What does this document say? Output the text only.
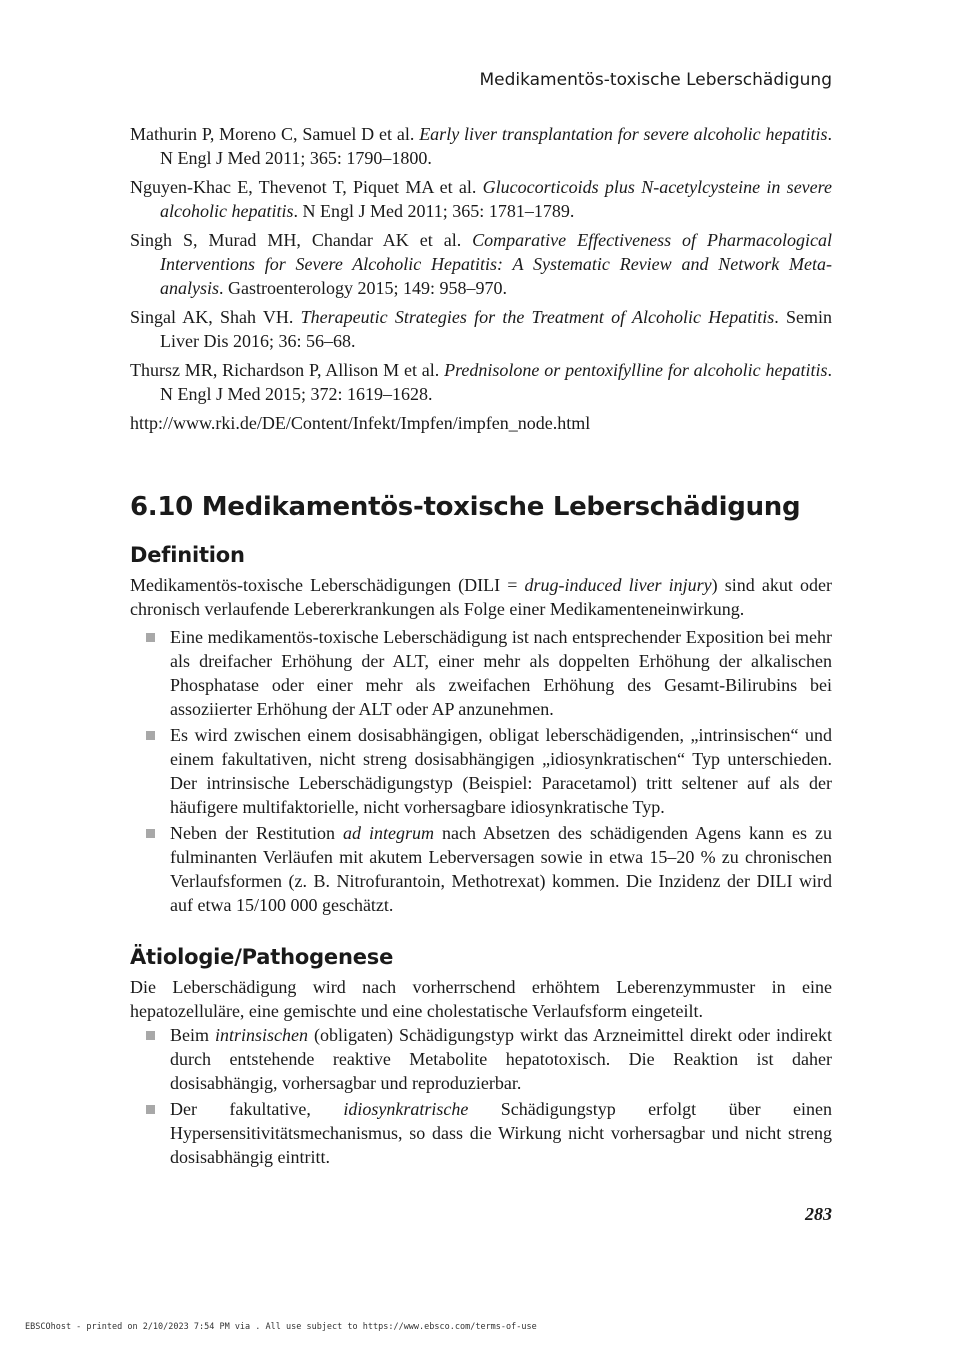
Medikamentös-toxische Leberschädigung

Mathurin P, Moreno C, Samuel D et al. Early liver transplantation for severe alcoholic hepatitis. N Engl J Med 2011; 365: 1790–1800.

Nguyen-Khac E, Thevenot T, Piquet MA et al. Glucocorticoids plus N-acetylcysteine in severe alcoholic hepatitis. N Engl J Med 2011; 365: 1781–1789.

Singh S, Murad MH, Chandar AK et al. Comparative Effectiveness of Pharmacological Interventions for Severe Alcoholic Hepatitis: A Systematic Review and Network Meta-analysis. Gastroenterology 2015; 149: 958–970.

Singal AK, Shah VH. Therapeutic Strategies for the Treatment of Alcoholic Hepatitis. Semin Liver Dis 2016; 36: 56–68.

Thursz MR, Richardson P, Allison M et al. Prednisolone or pentoxifylline for alcoholic hepatitis. N Engl J Med 2015; 372: 1619–1628.

http://www.rki.de/DE/Content/Infekt/Impfen/impfen_node.html
6.10 Medikamentös-toxische Leberschädigung
Definition

Medikamentös-toxische Leberschädigungen (DILI = drug-induced liver injury) sind akut oder chronisch verlaufende Lebererkrankungen als Folge einer Medikamenteneinwirkung.

Eine medikamentös-toxische Leberschädigung ist nach entsprechender Exposition bei mehr als dreifacher Erhöhung der ALT, einer mehr als doppelten Erhöhung der alkalischen Phosphatase oder einer mehr als zweifachen Erhöhung des Gesamt-Bilirubins bei assoziierter Erhöhung der ALT oder AP anzunehmen.
Es wird zwischen einem dosisabhängigen, obligat leberschädigenden, „intrinsischen“ und einem fakultativen, nicht streng dosisabhängigen „idiosynkratischen“ Typ unterschieden. Der intrinsische Leberschädigungstyp (Beispiel: Paracetamol) tritt seltener auf als der häufigere multifaktorielle, nicht vorhersagbare idiosynkratische Typ.
Neben der Restitution ad integrum nach Absetzen des schädigenden Agens kann es zu fulminanten Verläufen mit akutem Leberversagen sowie in etwa 15–20 % zu chronischen Verlaufsformen (z. B. Nitrofurantoin, Methotrexat) kommen. Die Inzidenz der DILI wird auf etwa 15/100 000 geschätzt.
Ätiologie/Pathogenese

Die Leberschädigung wird nach vorherrschend erhöhtem Leberenzymmuster in eine hepatozelluläre, eine gemischte und eine cholestatische Verlaufsform eingeteilt.

Beim intrinsischen (obligaten) Schädigungstyp wirkt das Arzneimittel direkt oder indirekt durch entstehende reaktive Metabolite hepatotoxisch. Die Reaktion ist daher dosisabhängig, vorhersagbar und reproduzierbar.
Der fakultative, idiosynkratrische Schädigungstyp erfolgt über einen Hypersensitivitätsmechanismus, so dass die Wirkung nicht vorhersagbar und nicht streng dosisabhängig eintritt.
283
EBSCOhost - printed on 2/10/2023 7:54 PM via . All use subject to https://www.ebsco.com/terms-of-use
